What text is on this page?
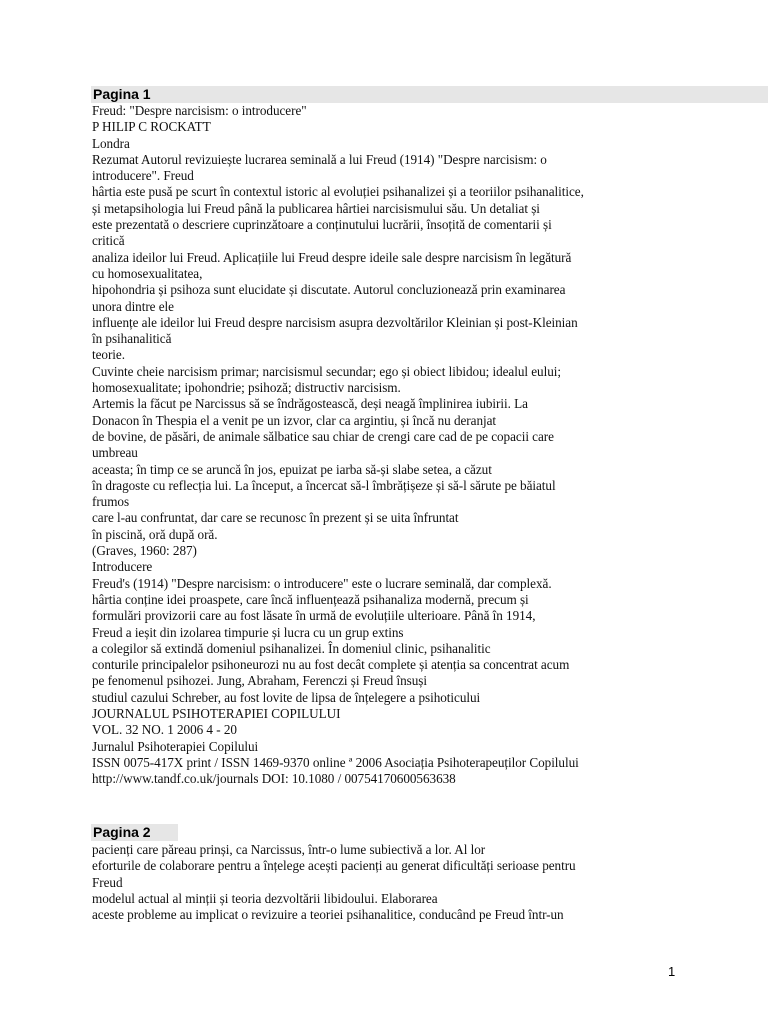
Pagina 1
Freud: "Despre narcisism: o introducere"
P HILIP C ROCKATT
Londra
Rezumat Autorul revizuiește lucrarea seminală a lui Freud (1914) "Despre narcisism: o
introducere". Freud
hârtia este pusă pe scurt în contextul istoric al evoluției psihanalizei și a teoriilor psihanalitice,
și metapsihologia lui Freud până la publicarea hârtiei narcisismului său. Un detaliat și
este prezentată o descriere cuprinzătoare a conținutului lucrării, însoțită de comentarii și
critică
analiza ideilor lui Freud. Aplicațiile lui Freud despre ideile sale despre narcisism în legătură
cu homosexualitatea,
hipohondria și psihoza sunt elucidate și discutate. Autorul concluzionează prin examinarea
unora dintre ele
influențe ale ideilor lui Freud despre narcisism asupra dezvoltărilor Kleinian și post-Kleinian
în psihanalitică
teorie.
Cuvinte cheie narcisism primar; narcisismul secundar; ego și obiect libidou; idealul eului;
homosexualitate; ipohondrie; psihoză; distructiv narcisism.
Artemis la făcut pe Narcissus să se îndrăgostească, deși neagă împlinirea iubirii. La
Donacon în Thespia el a venit pe un izvor, clar ca argintiu, și încă nu deranjat
de bovine, de păsări, de animale sălbatice sau chiar de crengi care cad de pe copacii care
umbreau
aceasta; în timp ce se aruncă în jos, epuizat pe iarba să-și slabe setea, a căzut
în dragoste cu reflecția lui. La început, a încercat să-l îmbrățișeze și să-l sărute pe băiatul
frumos
care l-au confruntat, dar care se recunosc în prezent și se uita înfruntat
în piscină, oră după oră.
(Graves, 1960: 287)
Introducere
Freud's (1914) "Despre narcisism: o introducere" este o lucrare seminală, dar complexă.
hârtia conține idei proaspete, care încă influențează psihanaliza modernă, precum și
formulări provizorii care au fost lăsate în urmă de evoluțiile ulterioare. Până în 1914,
Freud a ieșit din izolarea timpurie și lucra cu un grup extins
a colegilor să extindă domeniul psihanalizei. În domeniul clinic, psihanalitic
conturile principalelor psihoneurozi nu au fost decât complete și atenția sa concentrat acum
pe fenomenul psihozei. Jung, Abraham, Ferenczi și Freud însuși
studiul cazului Schreber, au fost lovite de lipsa de înțelegere a psihoticului
JOURNALUL PSIHOTERAPIEI COPILULUI
VOL. 32 NO. 1 2006 4 - 20
Jurnalul Psihoterapiei Copilului
ISSN 0075-417X print / ISSN 1469-9370 online ª 2006 Asociația Psihoterapeuților Copilului
http://www.tandf.co.uk/journals DOI: 10.1080 / 00754170600563638
Pagina 2
pacienți care păreau prinși, ca Narcissus, într-o lume subiectivă a lor. Al lor
eforturile de colaborare pentru a înțelege acești pacienți au generat dificultăți serioase pentru
Freud
modelul actual al minții și teoria dezvoltării libidoului. Elaborarea
aceste probleme au implicat o revizuire a teoriei psihanalitice, conducând pe Freud într-un
1
